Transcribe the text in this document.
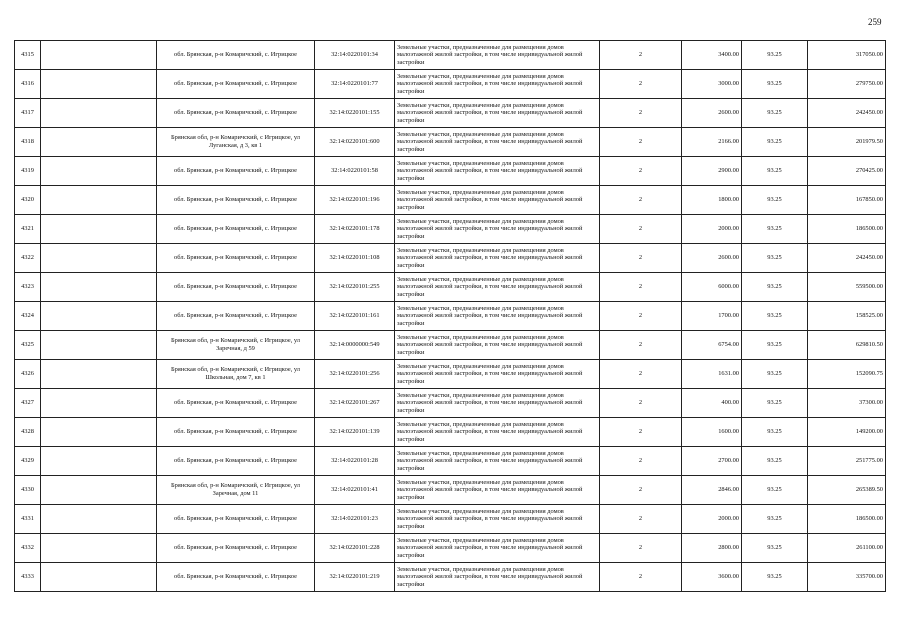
259
4315		обл. Брянская, р-н Комаричский, с. Игрицкое	32:14:0220101:34	Земельные участки, предназначенные для размещения домов малоэтажной жилой застройки, в том числе индивидуальной жилой застройки	2	3400.00	93.25	317050.00
4316		обл. Брянская, р-н Комаричский, с. Игрицкое	32:14:0220101:77	Земельные участки, предназначенные для размещения домов малоэтажной жилой застройки, в том числе индивидуальной жилой застройки	2	3000.00	93.25	279750.00
4317		обл. Брянская, р-н Комаричский, с. Игрицкое	32:14:0220101:155	Земельные участки, предназначенные для размещения домов малоэтажной жилой застройки, в том числе индивидуальной жилой застройки	2	2600.00	93.25	242450.00
4318		Брянская обл, р-н Комаричский, с Игрицкое, ул Луганская, д 3, кв 1	32:14:0220101:600	Земельные участки, предназначенные для размещения домов малоэтажной жилой застройки, в том числе индивидуальной жилой застройки	2	2166.00	93.25	201979.50
4319		обл. Брянская, р-н Комаричский, с. Игрицкое	32:14:0220101:58	Земельные участки, предназначенные для размещения домов малоэтажной жилой застройки, в том числе индивидуальной жилой застройки	2	2900.00	93.25	270425.00
4320		обл. Брянская, р-н Комаричский, с. Игрицкое	32:14:0220101:196	Земельные участки, предназначенные для размещения домов малоэтажной жилой застройки, в том числе индивидуальной жилой застройки	2	1800.00	93.25	167850.00
4321		обл. Брянская, р-н Комаричский, с. Игрицкое	32:14:0220101:178	Земельные участки, предназначенные для размещения домов малоэтажной жилой застройки, в том числе индивидуальной жилой застройки	2	2000.00	93.25	186500.00
4322		обл. Брянская, р-н Комаричский, с. Игрицкое	32:14:0220101:108	Земельные участки, предназначенные для размещения домов малоэтажной жилой застройки, в том числе индивидуальной жилой застройки	2	2600.00	93.25	242450.00
4323		обл. Брянская, р-н Комаричский, с. Игрицкое	32:14:0220101:255	Земельные участки, предназначенные для размещения домов малоэтажной жилой застройки, в том числе индивидуальной жилой застройки	2	6000.00	93.25	559500.00
4324		обл. Брянская, р-н Комаричский, с. Игрицкое	32:14:0220101:161	Земельные участки, предназначенные для размещения домов малоэтажной жилой застройки, в том числе индивидуальной жилой застройки	2	1700.00	93.25	158525.00
4325		Брянская обл, р-н Комаричский, с Игрицкое, ул Заречная, д 59	32:14:0000000:549	Земельные участки, предназначенные для размещения домов малоэтажной жилой застройки, в том числе индивидуальной жилой застройки	2	6754.00	93.25	629810.50
4326		Брянская обл, р-н Комаричский, с Игрицкое, ул Школьная, дом 7, кв 1	32:14:0220101:256	Земельные участки, предназначенные для размещения домов малоэтажной жилой застройки, в том числе индивидуальной жилой застройки	2	1631.00	93.25	152090.75
4327		обл. Брянская, р-н Комаричский, с. Игрицкое	32:14:0220101:267	Земельные участки, предназначенные для размещения домов малоэтажной жилой застройки, в том числе индивидуальной жилой застройки	2	400.00	93.25	37300.00
4328		обл. Брянская, р-н Комаричский, с. Игрицкое	32:14:0220101:139	Земельные участки, предназначенные для размещения домов малоэтажной жилой застройки, в том числе индивидуальной жилой застройки	2	1600.00	93.25	149200.00
4329		обл. Брянская, р-н Комаричский, с. Игрицкое	32:14:0220101:28	Земельные участки, предназначенные для размещения домов малоэтажной жилой застройки, в том числе индивидуальной жилой застройки	2	2700.00	93.25	251775.00
4330		Брянская обл, р-н Комаричский, с Игрицкое, ул Заречная, дом 11	32:14:0220101:41	Земельные участки, предназначенные для размещения домов малоэтажной жилой застройки, в том числе индивидуальной жилой застройки	2	2846.00	93.25	265389.50
4331		обл. Брянская, р-н Комаричский, с. Игрицкое	32:14:0220101:23	Земельные участки, предназначенные для размещения домов малоэтажной жилой застройки, в том числе индивидуальной жилой застройки	2	2000.00	93.25	186500.00
4332		обл. Брянская, р-н Комаричский, с. Игрицкое	32:14:0220101:228	Земельные участки, предназначенные для размещения домов малоэтажной жилой застройки, в том числе индивидуальной жилой застройки	2	2800.00	93.25	261100.00
4333		обл. Брянская, р-н Комаричский, с. Игрицкое	32:14:0220101:219	Земельные участки, предназначенные для размещения домов малоэтажной жилой застройки, в том числе индивидуальной жилой застройки	2	3600.00	93.25	335700.00
